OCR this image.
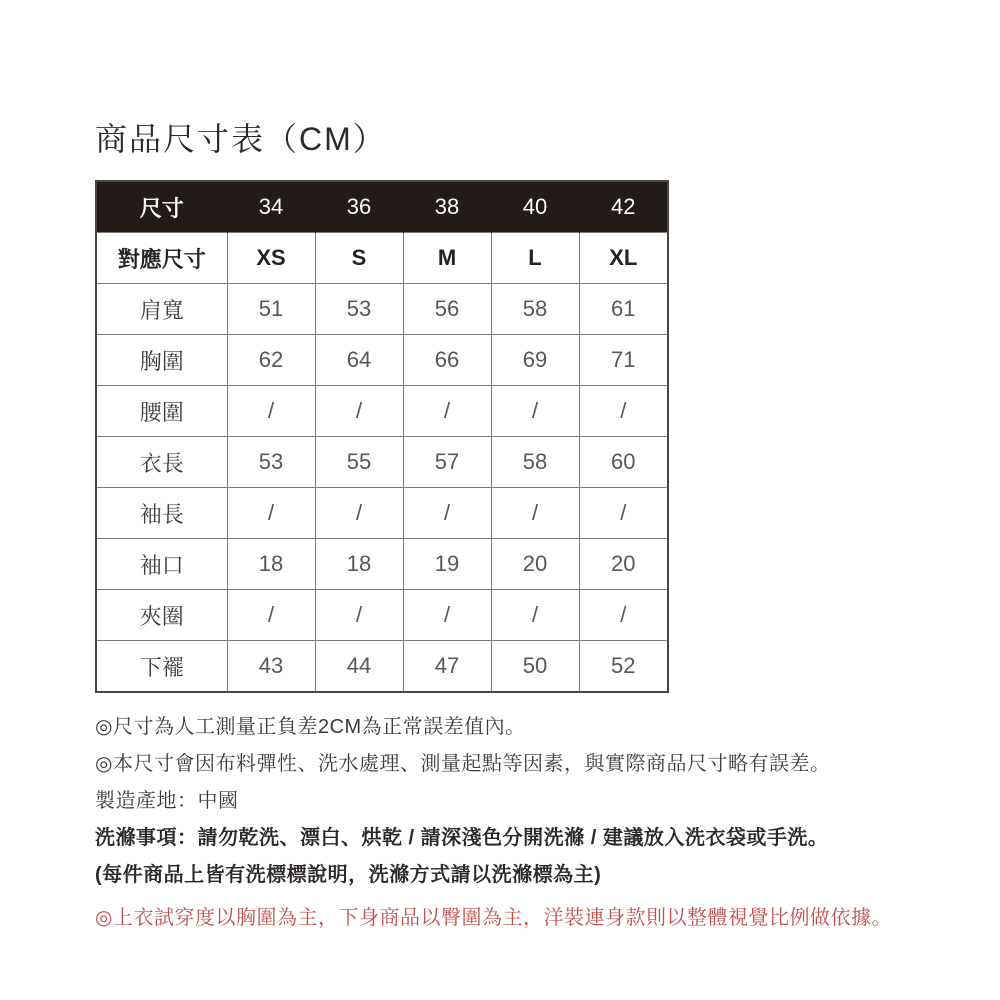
商品尺寸表（CM）
尺寸	34	36	38	40	42
對應尺寸	XS	S	M	L	XL
肩寬	51	53	56	58	61
胸圍	62	64	66	69	71
腰圍	/	/	/	/	/
衣長	53	55	57	58	60
袖長	/	/	/	/	/
袖口	18	18	19	20	20
夾圈	/	/	/	/	/
下襬	43	44	47	50	52

◎尺寸為人工測量正負差2CM為正常誤差值內。

◎本尺寸會因布料彈性、洗水處理、測量起點等因素，與實際商品尺寸略有誤差。

製造產地：中國

洗滌事項：請勿乾洗、漂白、烘乾 / 請深淺色分開洗滌 / 建議放入洗衣袋或手洗。

(每件商品上皆有洗標標說明，洗滌方式請以洗滌標為主)

◎上衣試穿度以胸圍為主，下身商品以臀圍為主，洋裝連身款則以整體視覺比例做依據。
